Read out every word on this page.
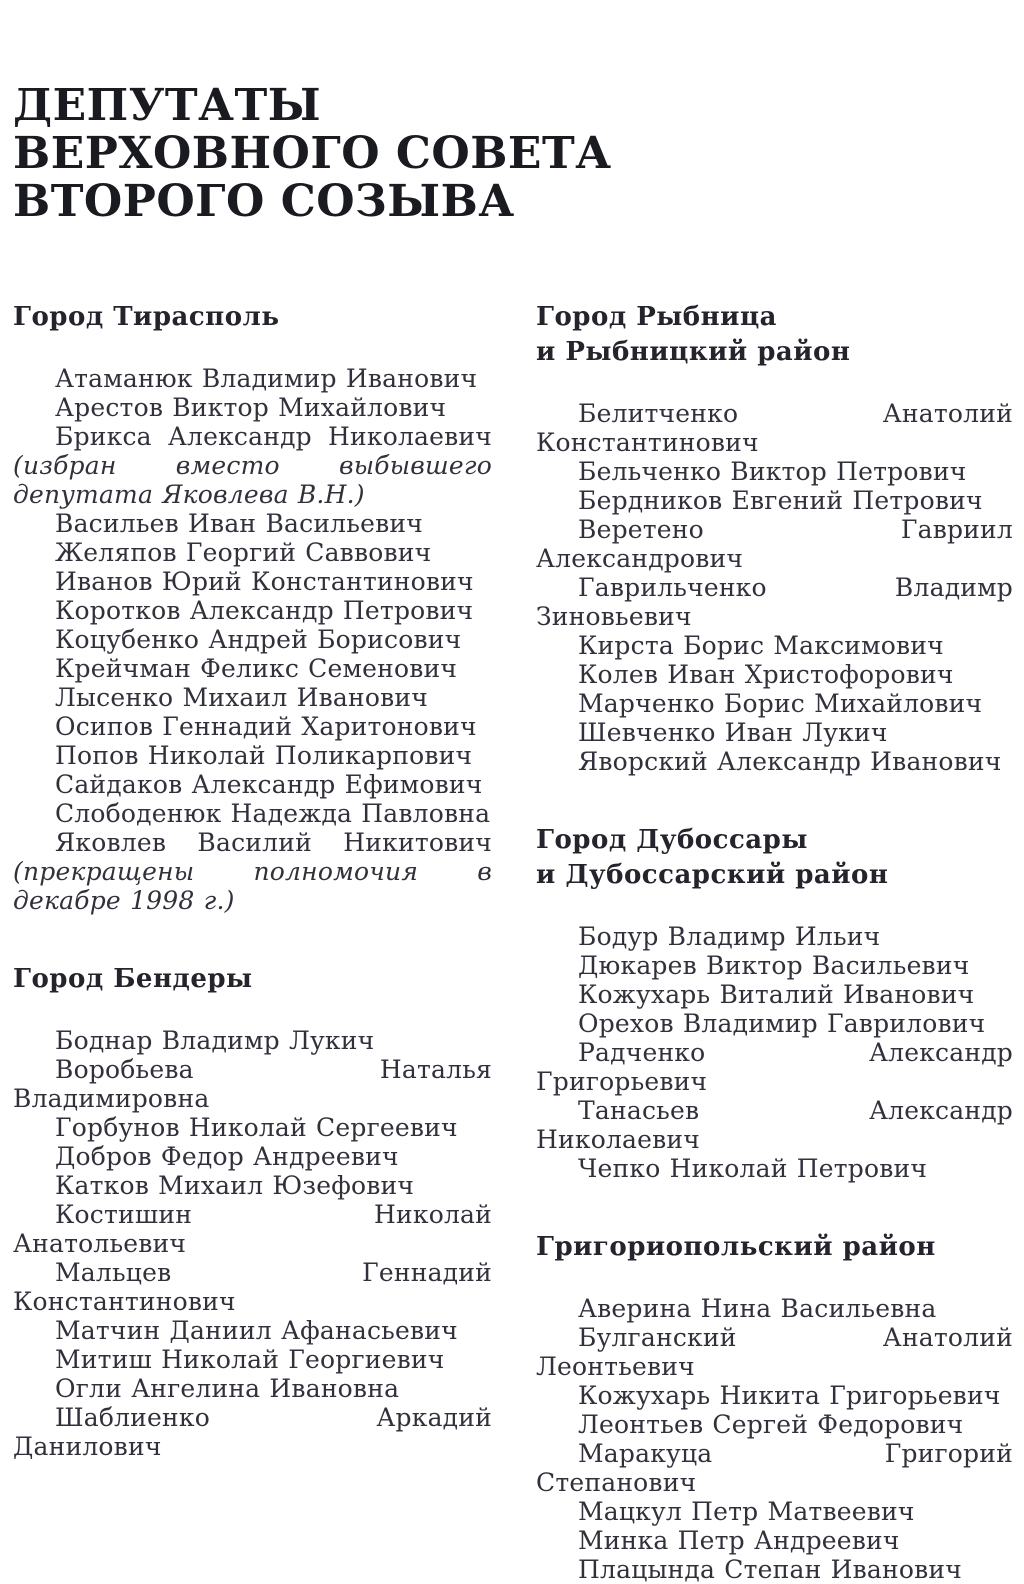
ДЕПУТАТЫ
ВЕРХОВНОГО СОВЕТА
ВТОРОГО СОЗЫВА
Город Тирасполь

Атаманюк Владимир Иванович

Арестов Виктор Михайлович

Брикса Александр Николаевич (избран вместо выбывшего депутата Яковлева В.Н.)

Васильев Иван Васильевич

Желяпов Георгий Саввович

Иванов Юрий Константинович

Коротков Александр Петрович

Коцубенко Андрей Борисович

Крейчман Феликс Семенович

Лысенко Михаил Иванович

Осипов Геннадий Харитонович

Попов Николай Поликарпович

Сайдаков Александр Ефимович

Слободенюк Надежда Павловна

Яковлев Василий Никитович (прекращены полномочия в декабре 1998 г.)

Город Бендеры

Боднар Владимр Лукич

Воробьева Наталья Владимировна

Горбунов Николай Сергеевич

Добров Федор Андреевич

Катков Михаил Юзефович

Костишин Николай Анатольевич

Мальцев Геннадий Константинович

Матчин Даниил Афанасьевич

Митиш Николай Георгиевич

Огли Ангелина Ивановна

Шаблиенко Аркадий Данилович

Город Рыбница
и Рыбницкий район

Белитченко Анатолий Константинович

Бельченко Виктор Петрович

Бердников Евгений Петрович

Веретено Гавриил Александрович

Гаврильченко Владимр Зиновьевич

Кирста Борис Максимович

Колев Иван Христофорович

Марченко Борис Михайлович

Шевченко Иван Лукич

Яворский Александр Иванович

Город Дубоссары
и Дубоссарский район

Бодур Владимр Ильич

Дюкарев Виктор Васильевич

Кожухарь Виталий Иванович

Орехов Владимир Гаврилович

Радченко Александр Григорьевич

Танасьев Александр Николаевич

Чепко Николай Петрович

Григориопольский район

Аверина Нина Васильевна

Булганский Анатолий Леонтьевич

Кожухарь Никита Григорьевич

Леонтьев Сергей Федорович

Маракуца Григорий Степанович

Мацкул Петр Матвеевич

Минка Петр Андреевич

Плацында Степан Иванович
